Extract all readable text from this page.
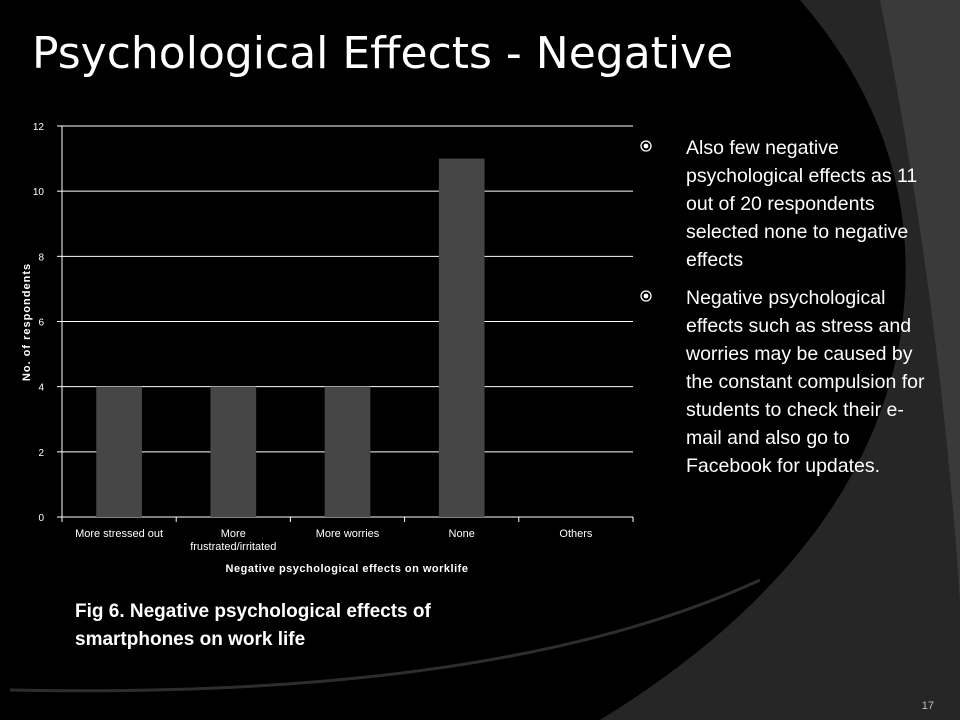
Psychological Effects - Negative
0
2
4
6
8
10
12
More stressed out	More frustrated/irritated
More worries	None	Others
No. of respondents
Negative psychological effects on worklife
Also few negative psychological effects as 11 out of 20 respondents selected none to negative effects
Negative psychological effects such as stress and worries may be caused by the constant compulsion for students to check their e-mail and also go to Facebook for updates.

Fig 6. Negative psychological effects of smartphones on work life

17
